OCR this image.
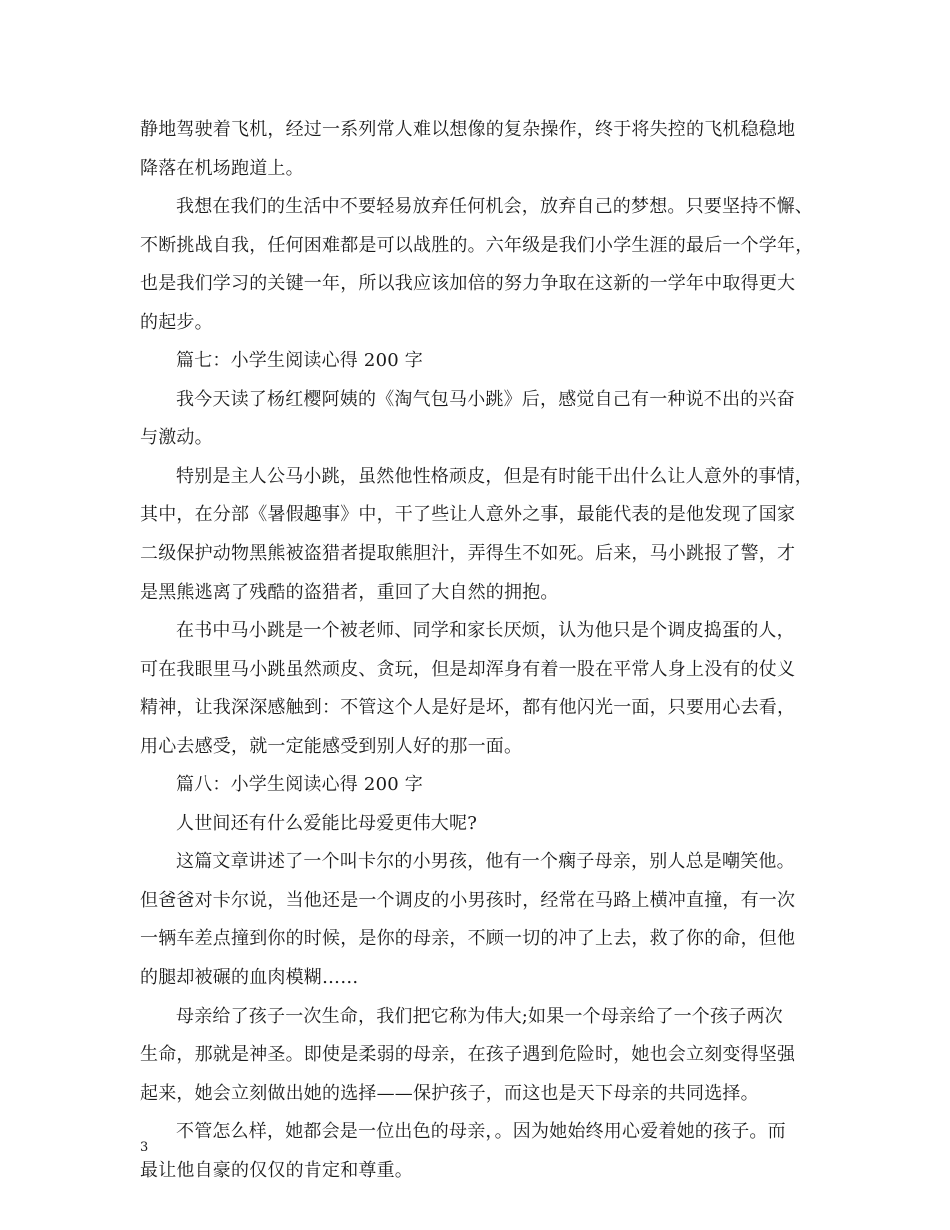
静地驾驶着飞机，经过一系列常人难以想像的复杂操作，终于将失控的飞机稳稳地
降落在机场跑道上。
我想在我们的生活中不要轻易放弃任何机会，放弃自己的梦想。只要坚持不懈、
不断挑战自我，任何困难都是可以战胜的。六年级是我们小学生涯的最后一个学年，
也是我们学习的关键一年，所以我应该加倍的努力争取在这新的一学年中取得更大
的起步。
篇七：小学生阅读心得 200 字
我今天读了杨红樱阿姨的《淘气包马小跳》后，感觉自己有一种说不出的兴奋
与激动。
特别是主人公马小跳，虽然他性格顽皮，但是有时能干出什么让人意外的事情，
其中，在分部《暑假趣事》中，干了些让人意外之事，最能代表的是他发现了国家
二级保护动物黑熊被盗猎者提取熊胆汁，弄得生不如死。后来，马小跳报了警，才
是黑熊逃离了残酷的盗猎者，重回了大自然的拥抱。
在书中马小跳是一个被老师、同学和家长厌烦，认为他只是个调皮捣蛋的人，
可在我眼里马小跳虽然顽皮、贪玩，但是却浑身有着一股在平常人身上没有的仗义
精神，让我深深感触到：不管这个人是好是坏，都有他闪光一面，只要用心去看，
用心去感受，就一定能感受到别人好的那一面。
篇八：小学生阅读心得 200 字
人世间还有什么爱能比母爱更伟大呢?
这篇文章讲述了一个叫卡尔的小男孩，他有一个瘸子母亲，别人总是嘲笑他。
但爸爸对卡尔说，当他还是一个调皮的小男孩时，经常在马路上横冲直撞，有一次
一辆车差点撞到你的时候，是你的母亲，不顾一切的冲了上去，救了你的命，但他
的腿却被碾的血肉模糊……
母亲给了孩子一次生命，我们把它称为伟大;如果一个母亲给了一个孩子两次
生命，那就是神圣。即使是柔弱的母亲，在孩子遇到危险时，她也会立刻变得坚强
起来，她会立刻做出她的选择——保护孩子，而这也是天下母亲的共同选择。
不管怎么样，她都会是一位出色的母亲，。因为她始终用心爱着她的孩子。而
最让他自豪的仅仅的肯定和尊重。
3
